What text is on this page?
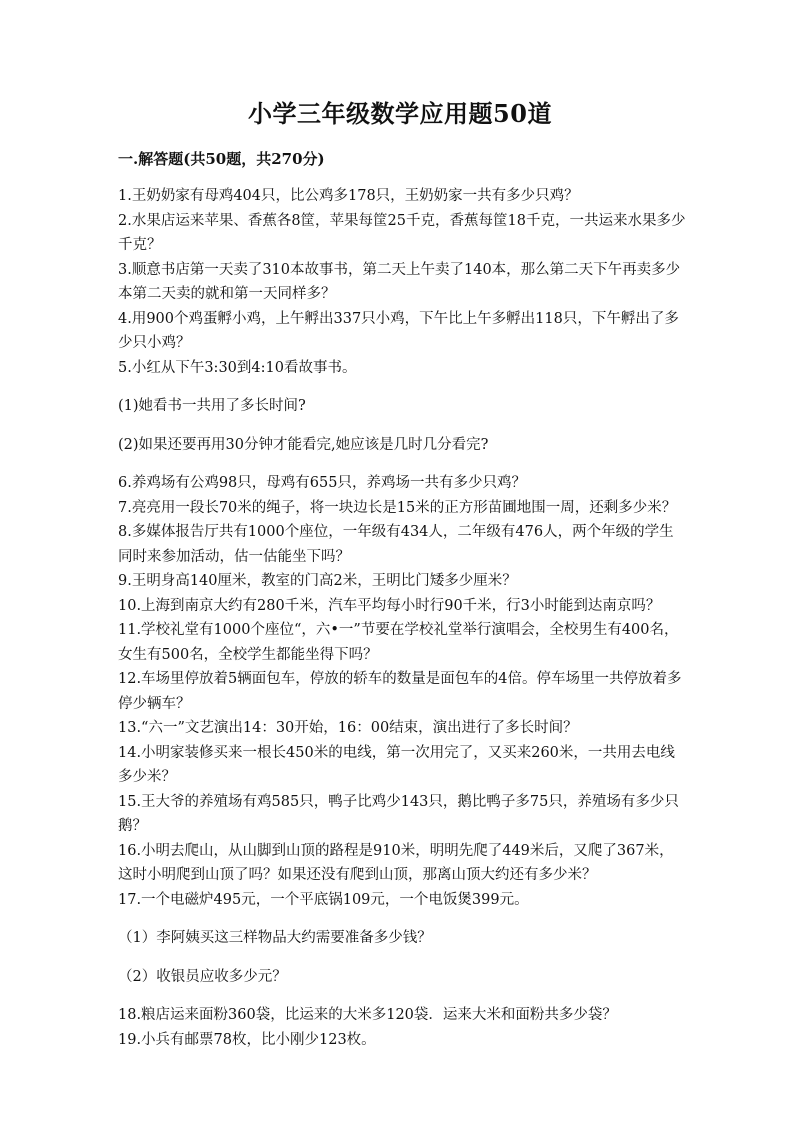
小学三年级数学应用题50道
一.解答题(共50题，共270分)

1.王奶奶家有母鸡404只，比公鸡多178只，王奶奶家一共有多少只鸡？

2.水果店运来苹果、香蕉各8筐，苹果每筐25千克，香蕉每筐18千克，一共运来水果多少千克？

3.顺意书店第一天卖了310本故事书，第二天上午卖了140本，那么第二天下午再卖多少本第二天卖的就和第一天同样多？

4.用900个鸡蛋孵小鸡，上午孵出337只小鸡，下午比上午多孵出118只，下午孵出了多少只小鸡？

5.小红从下午3:30到4:10看故事书。

(1)她看书一共用了多长时间?

(2)如果还要再用30分钟才能看完,她应该是几时几分看完?

6.养鸡场有公鸡98只，母鸡有655只，养鸡场一共有多少只鸡？

7.亮亮用一段长70米的绳子，将一块边长是15米的正方形苗圃地围一周，还剩多少米？

8.多媒体报告厅共有1000个座位，一年级有434人，二年级有476人，两个年级的学生同时来参加活动，估一估能坐下吗？

9.王明身高140厘米，教室的门高2米，王明比门矮多少厘米？

10.上海到南京大约有280千米，汽车平均每小时行90千米，行3小时能到达南京吗？

11.学校礼堂有1000个座位“，六•一”节要在学校礼堂举行演唱会，全校男生有400名，女生有500名，全校学生都能坐得下吗？

12.车场里停放着5辆面包车，停放的轿车的数量是面包车的4倍。停车场里一共停放着多停少辆车？

13.“六一”文艺演出14：30开始，16：00结束，演出进行了多长时间？

14.小明家装修买来一根长450米的电线，第一次用完了，又买来260米，一共用去电线多少米？

15.王大爷的养殖场有鸡585只，鸭子比鸡少143只，鹅比鸭子多75只，养殖场有多少只鹅？

16.小明去爬山，从山脚到山顶的路程是910米，明明先爬了449米后，又爬了367米，这时小明爬到山顶了吗？如果还没有爬到山顶，那离山顶大约还有多少米？

17.一个电磁炉495元，一个平底锅109元，一个电饭煲399元。

（1）李阿姨买这三样物品大约需要准备多少钱？

（2）收银员应收多少元？

18.粮店运来面粉360袋，比运来的大米多120袋．运来大米和面粉共多少袋？

19.小兵有邮票78枚，比小刚少123枚。
